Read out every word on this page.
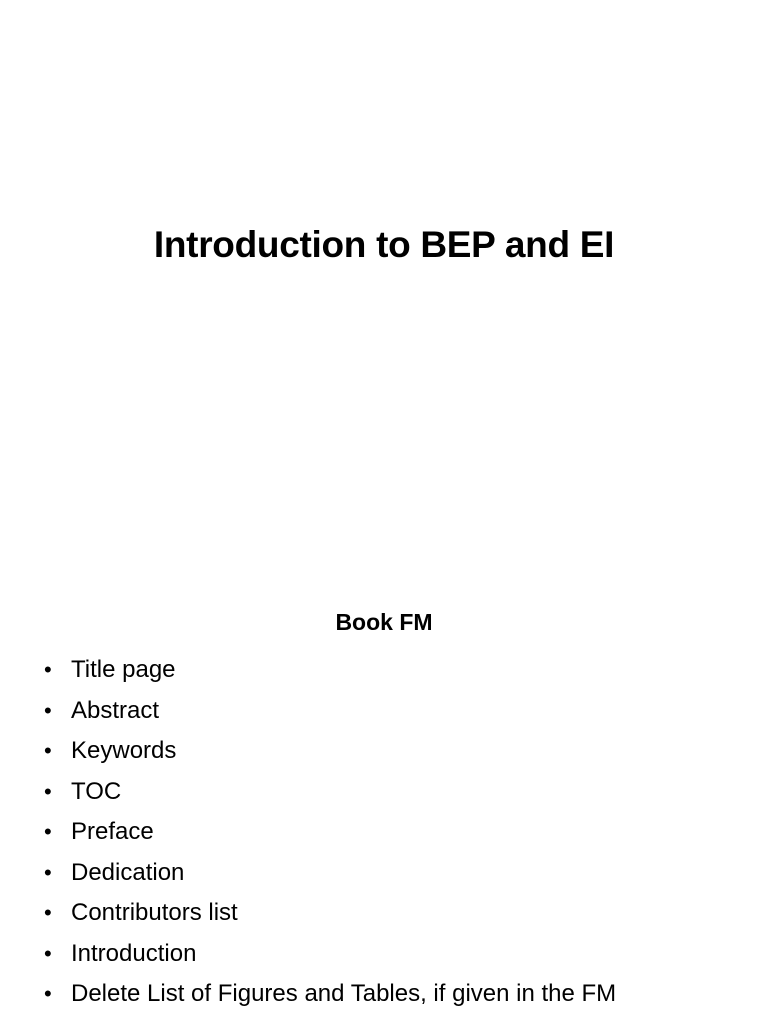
Introduction to BEP and EI
Book FM
• Title page
• Abstract
• Keywords
• TOC
• Preface
• Dedication
• Contributors list
• Introduction
• Delete List of Figures and Tables, if given in the FM
